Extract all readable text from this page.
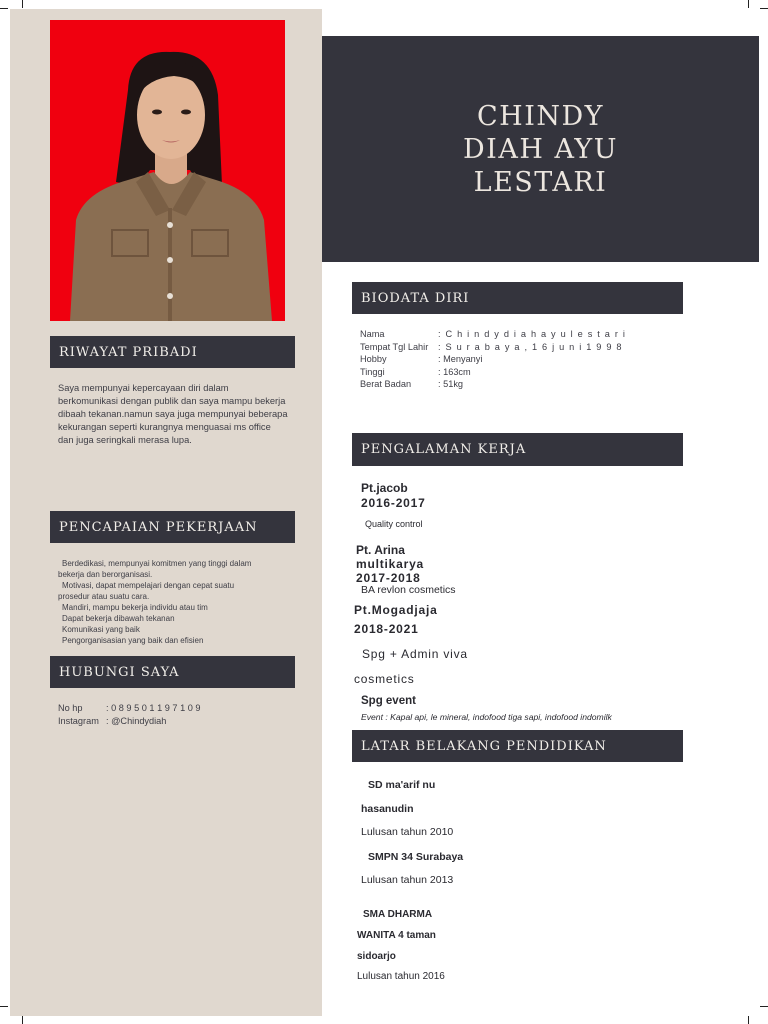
CHINDY
DIAH AYU
LESTARI
RIWAYAT PRIBADI
Saya mempunyai kepercayaan diri dalam berkomunikasi dengan publik dan saya mampu bekerja dibaah tekanan.namun saya juga mempunyai beberapa kekurangan seperti kurangnya menguasai ms office dan juga seringkali merasa lupa.
PENCAPAIAN PEKERJAAN
Berdedikasi, mempunyai komitmen yang tinggi dalam
bekerja dan berorganisasi.
Motivasi, dapat mempelajari dengan cepat suatu
prosedur atau suatu cara.
Mandiri, mampu bekerja individu atau tim
Dapat bekerja dibawah tekanan
Komunikasi yang baik
Pengorganisasian yang baik dan efisien
HUBUNGI SAYA
No hp	: 0 8 9 5 0 1 1 9 7 1 0 9
Instagram : @Chindydiah
BIODATA DIRI
Nama	: C h i n d y d i a h a y u l e s t a r i
Tempat Tgl Lahir	: S u r a b a y a , 1 6 j u n i 1 9 9 8
Hobby	: Menyanyi
Tinggi	: 163cm
Berat Badan	: 51kg
PENGALAMAN KERJA
Pt.jacob
2016-2017
Quality control
Pt. Arina
multikarya
2017-2018
BA revlon cosmetics
Pt.Mogadjaja
2018-2021
Spg + Admin viva
cosmetics
Spg event
Event : Kapal api, le mineral, indofood tiga sapi, indofood indomilk
LATAR BELAKANG PENDIDIKAN
SD ma'arif nu
hasanudin
Lulusan tahun 2010
SMPN 34 Surabaya
Lulusan tahun 2013
SMA DHARMA
WANITA 4 taman
sidoarjo
Lulusan tahun 2016
